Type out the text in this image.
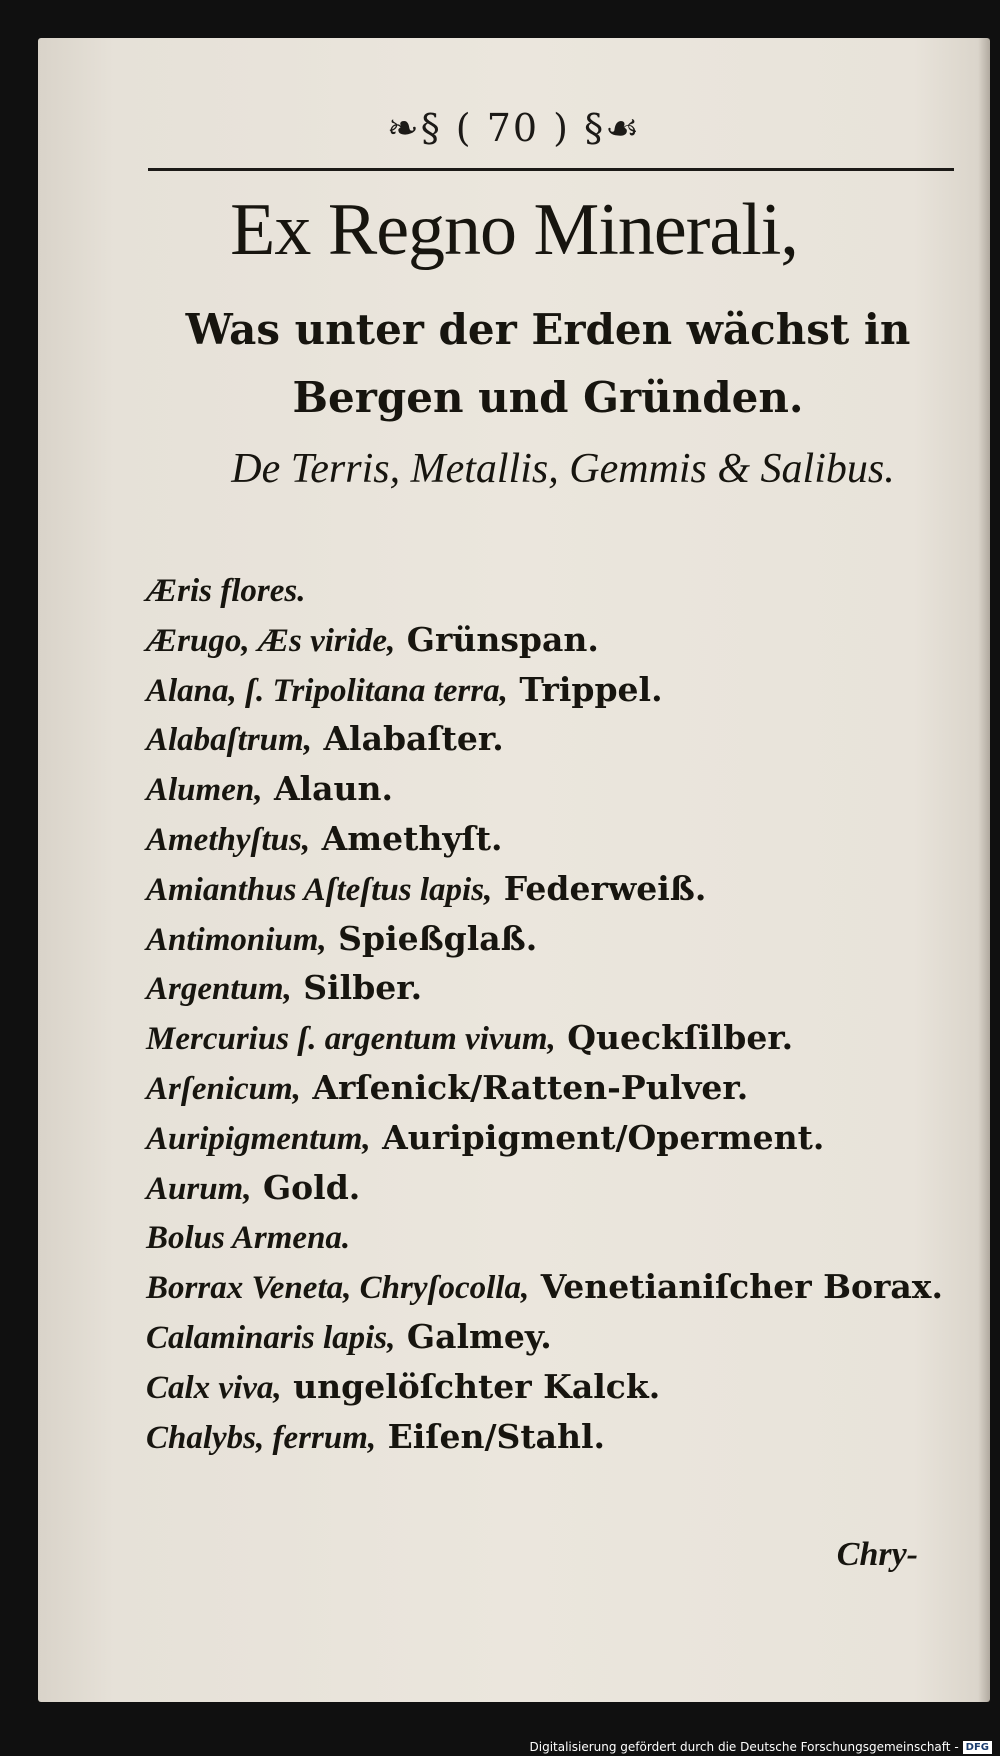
❧§ ( 70 ) §☙
Ex Regno Minerali,
Was unter der Erden wächst in Bergen und Gründen.
De Terris, Metallis, Gemmis & Salibus.
Æris flores.
Ærugo, Æs viride, Grünspan.
Alana, ſ. Tripolitana terra, Trippel.
Alabaſtrum, Alabaſter.
Alumen, Alaun.
Amethyſtus, Amethyſt.
Amianthus Aſteſtus lapis, Federweiß.
Antimonium, Spießglaß.
Argentum, Silber.
Mercurius ſ. argentum vivum, Queckſilber.
Arſenicum, Arſenick/Ratten-Pulver.
Auripigmentum, Auripigment/Operment.
Aurum, Gold.
Bolus Armena.
Borrax Veneta, Chryſocolla, Venetianiſcher Borax.
Calaminaris lapis, Galmey.
Calx viva, ungelöſchter Kalck.
Chalybs, ferrum, Eiſen/Stahl.
Chry-
Digitalisierung gefördert durch die Deutsche Forschungsgemeinschaft - DFG
